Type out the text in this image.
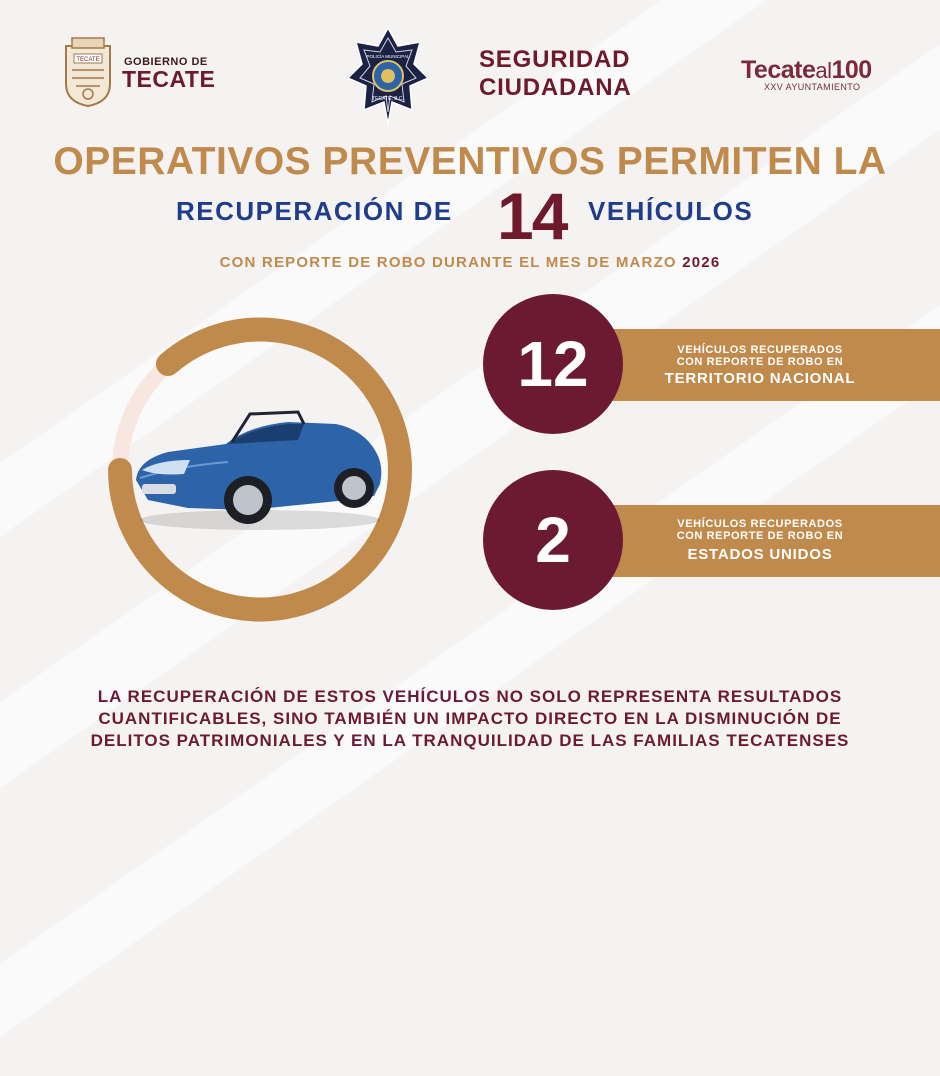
TECATE GOBIERNO DE
TECATE
POLICÍA MUNICIPAL
TECATE, B.C.
SEGURIDAD
CIUDADANA
Tecateal100
XXV AYUNTAMIENTO
OPERATIVOS PREVENTIVOS PERMITEN LA
RECUPERACIÓN DE 14 VEHÍCULOS
CON REPORTE DE ROBO DURANTE EL MES DE MARZO 2026
12	VEHÍCULOS RECUPERADOS
CON REPORTE DE ROBO EN
TERRITORIO NACIONAL
2	VEHÍCULOS RECUPERADOS
CON REPORTE DE ROBO EN
ESTADOS UNIDOS
LA RECUPERACIÓN DE ESTOS VEHÍCULOS NO SOLO REPRESENTA RESULTADOS
CUANTIFICABLES, SINO TAMBIÉN UN IMPACTO DIRECTO EN LA DISMINUCIÓN DE
DELITOS PATRIMONIALES Y EN LA TRANQUILIDAD DE LAS FAMILIAS TECATENSES
